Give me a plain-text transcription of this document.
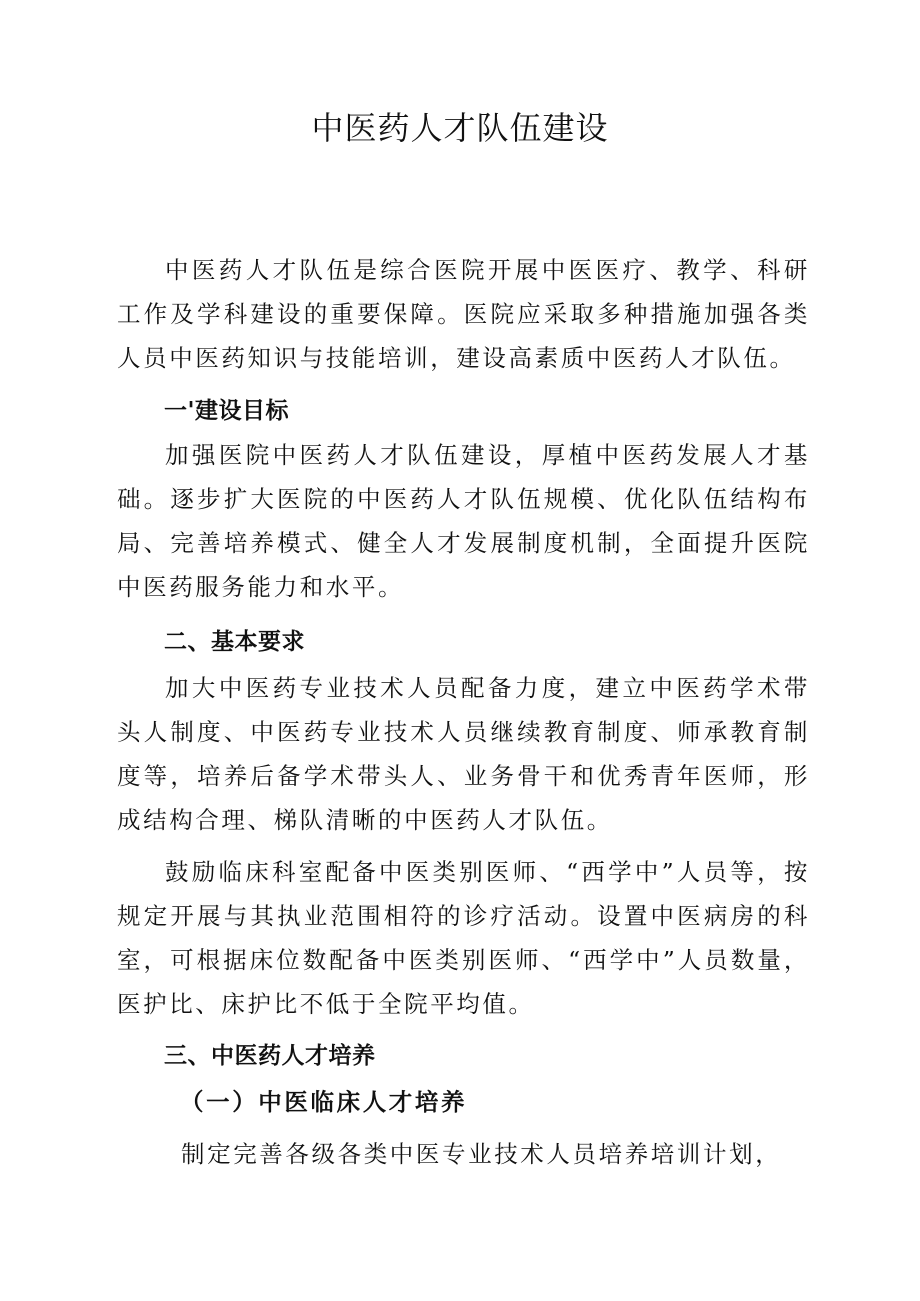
中医药人才队伍建设

中医药人才队伍是综合医院开展中医医疗、教学、科研工作及学科建设的重要保障。医院应采取多种措施加强各类人员中医药知识与技能培训，建设高素质中医药人才队伍。

一'建设目标

加强医院中医药人才队伍建设，厚植中医药发展人才基础。逐步扩大医院的中医药人才队伍规模、优化队伍结构布局、完善培养模式、健全人才发展制度机制，全面提升医院中医药服务能力和水平。

二、基本要求

加大中医药专业技术人员配备力度，建立中医药学术带头人制度、中医药专业技术人员继续教育制度、师承教育制度等，培养后备学术带头人、业务骨干和优秀青年医师，形成结构合理、梯队清晰的中医药人才队伍。

鼓励临床科室配备中医类别医师、“西学中”人员等，按规定开展与其执业范围相符的诊疗活动。设置中医病房的科室，可根据床位数配备中医类别医师、“西学中”人员数量，医护比、床护比不低于全院平均值。

三、中医药人才培养
（一）中医临床人才培养

制定完善各级各类中医专业技术人员培养培训计划，
